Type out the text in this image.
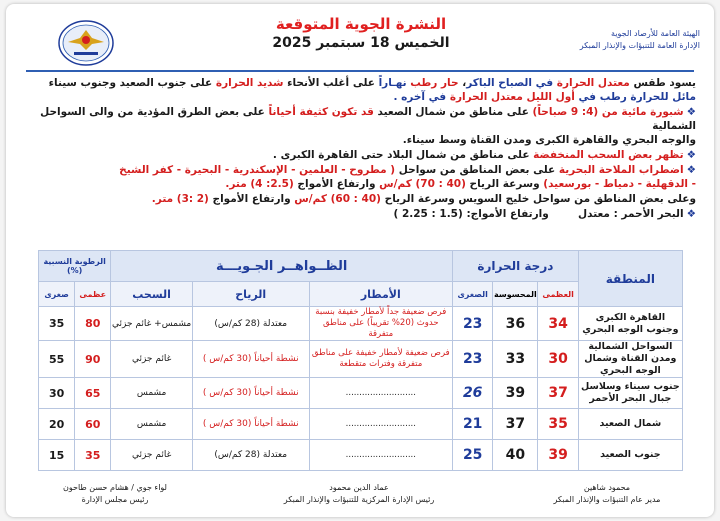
الهيئة العامة للأرصاد الجوية
الإدارة العامة للتنبؤات والإنذار المبكر
النشرة الجوية المتوقعة
الخميس 18 سبتمبر 2025

يسود طقس معتدل الحرارة في الصباح الباكر، حار رطب نهـاراً على أغلب الأنحاء شديد الحرارة على جنوب الصعيد وجنوب سيناء
مائل للحرارة رطب في أول الليل معتدل الحرارة في آخره .

❖شبورة مائية من (4: 9 صباحاً) على مناطق من شمال الصعيد قد تكون كثيفة أحياناً على بعض الطرق المؤدية من والى السواحل الشمالية
والوجه البحري والقاهرة الكبرى ومدن القناة وسط سيناء.

❖تظهر بعض السحب المنخفضة على مناطق من شمال البلاد حتى القاهرة الكبرى .

❖اضطراب الملاحة البحرية على بعض المناطق من سواحل ( مطروح - العلمين - الإسكندرية - البحيرة - كفر الشيخ
- الدقهلية - دمياط - بورسعيد) وسرعة الرياح (40 : 70) كم/س وارتفاع الأمواج (2.5: 4) متر.

وعلى بعض المناطق من سواحل خليج السويس وسرعة الرياح (40 : 60) كم/س وارتفاع الأمواج (2 :3) متر.

❖البحر الأحمر : معتدل        وارتفاع الأمواج: (1.5 : 2.25 )

المنطقة	درجة الحرارة			الظــواهــر الجـويـــة			الرطوبة النسبية (%)	
	العظمى	المحسوسة	الصغرى	الأمطار	الرياح	السحب	عظمى	صغرى
القاهرة الكبرى وجنوب الوجه البحري	34	36	23	فرص ضعيفة جداً لأمطار خفيفة بنسبة حدوث (20% تقريباً) على مناطق متفرقة	معتدلة (28 كم/س)	مشمس+ غائم جزئي	80	35
السواحل الشمالية ومدن القناة وشمال الوجه البحري	30	33	23	فرص ضعيفة لأمطار خفيفة على مناطق متفرقة وفترات متقطعة	نشطة أحياناً (30 كم/س )	غائم جزئي	90	55
جنوب سيناء وسلاسل جبال البحر الأحمر	37	39	26	..........................	نشطة أحياناً (30 كم/س )	مشمس	65	30
شمال الصعيد	35	37	21	..........................	نشطة أحياناً (30 كم/س )	مشمس	60	20
جنوب الصعيد	39	40	25	..........................	معتدلة (28 كم/س)	غائم جزئي	35	15
محمود شاهين
مدير عام التنبؤات والإنذار المبكر
عماد الدين محمود
رئيس الإدارة المركزية للتنبؤات والإنذار المبكر
لواء جوي / هشام حسن طاحون
رئيس مجلس الإدارة
